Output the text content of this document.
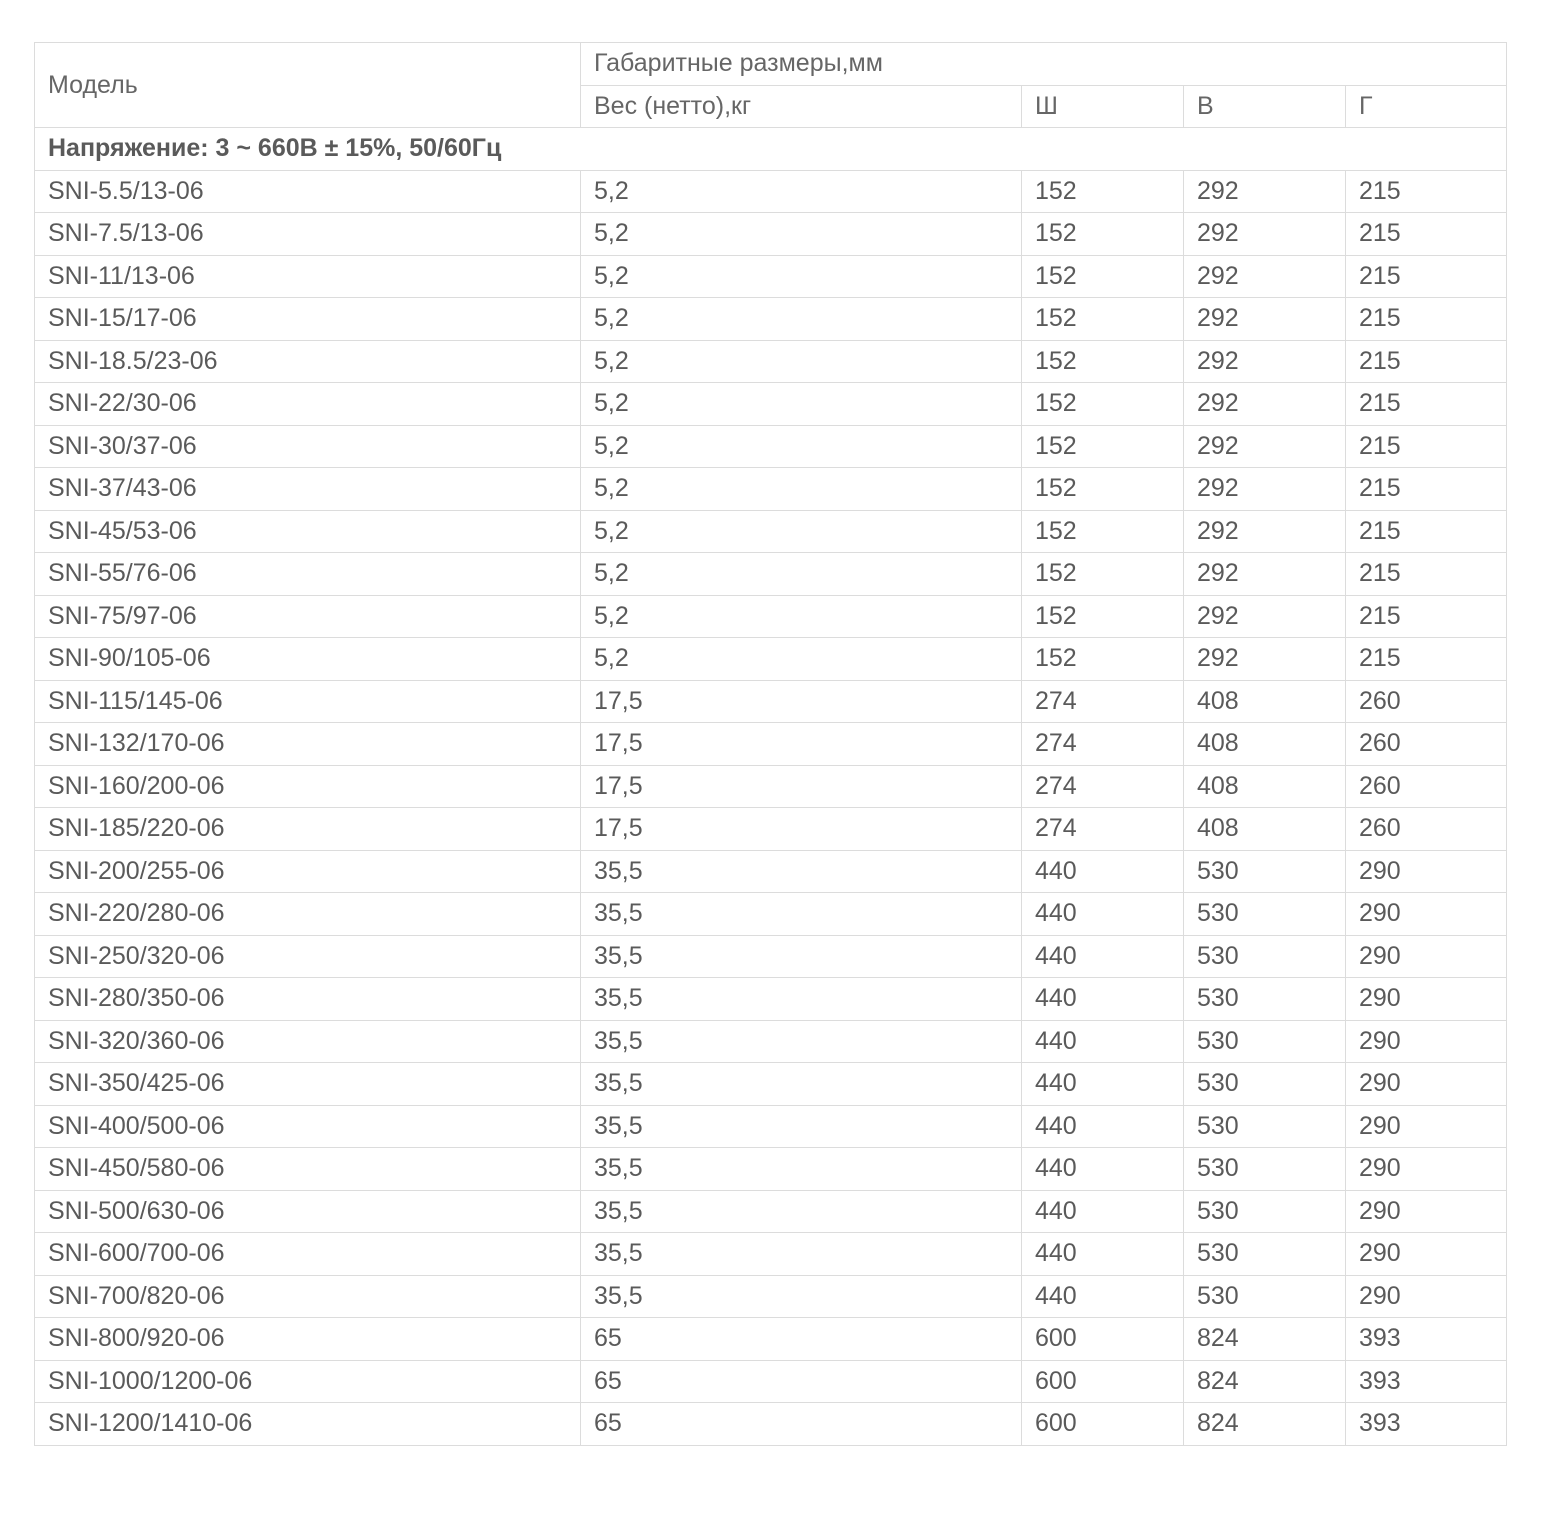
Модель	Габаритные размеры,мм			
	Вес (нетто),кг	Ш	В	Г
Напряжение: 3 ~ 660В ± 15%, 50/60Гц				
SNI-5.5/13-06	5,2	152	292	215
SNI-7.5/13-06	5,2	152	292	215
SNI-11/13-06	5,2	152	292	215
SNI-15/17-06	5,2	152	292	215
SNI-18.5/23-06	5,2	152	292	215
SNI-22/30-06	5,2	152	292	215
SNI-30/37-06	5,2	152	292	215
SNI-37/43-06	5,2	152	292	215
SNI-45/53-06	5,2	152	292	215
SNI-55/76-06	5,2	152	292	215
SNI-75/97-06	5,2	152	292	215
SNI-90/105-06	5,2	152	292	215
SNI-115/145-06	17,5	274	408	260
SNI-132/170-06	17,5	274	408	260
SNI-160/200-06	17,5	274	408	260
SNI-185/220-06	17,5	274	408	260
SNI-200/255-06	35,5	440	530	290
SNI-220/280-06	35,5	440	530	290
SNI-250/320-06	35,5	440	530	290
SNI-280/350-06	35,5	440	530	290
SNI-320/360-06	35,5	440	530	290
SNI-350/425-06	35,5	440	530	290
SNI-400/500-06	35,5	440	530	290
SNI-450/580-06	35,5	440	530	290
SNI-500/630-06	35,5	440	530	290
SNI-600/700-06	35,5	440	530	290
SNI-700/820-06	35,5	440	530	290
SNI-800/920-06	65	600	824	393
SNI-1000/1200-06	65	600	824	393
SNI-1200/1410-06	65	600	824	393
